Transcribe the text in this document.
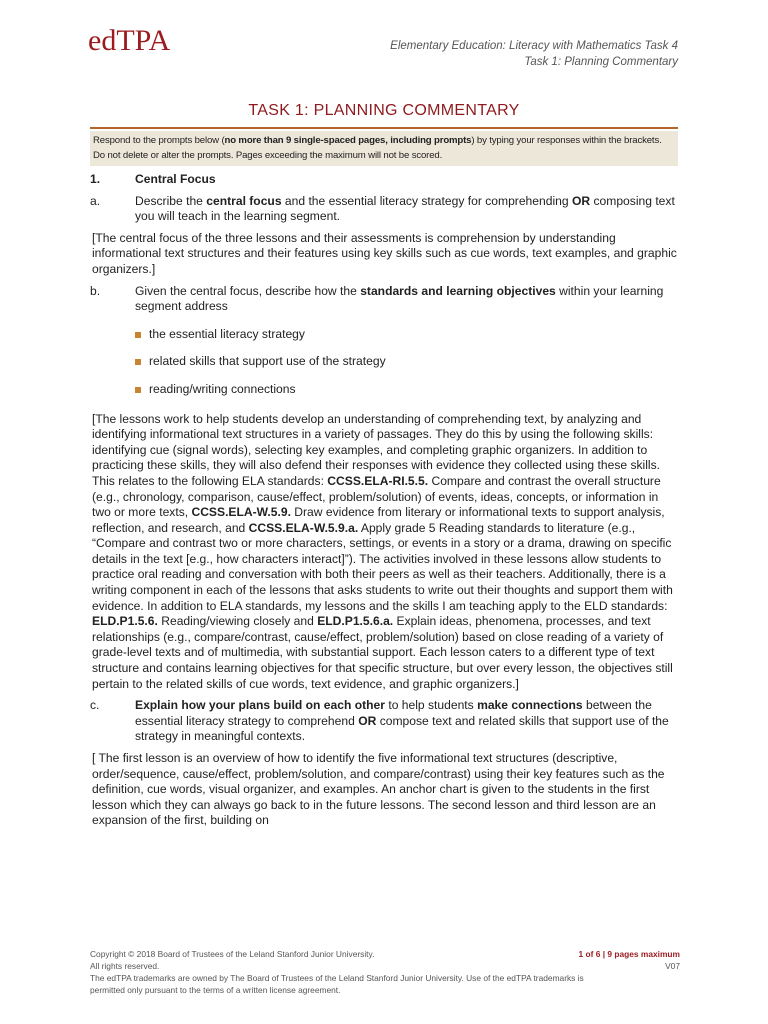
edTPA	Elementary Education: Literacy with Mathematics Task 4
Task 1: Planning Commentary
TASK 1: PLANNING COMMENTARY
Respond to the prompts below (no more than 9 single-spaced pages, including prompts) by typing your responses within the brackets. Do not delete or alter the prompts. Pages exceeding the maximum will not be scored.
1.	Central Focus
a.	Describe the central focus and the essential literacy strategy for comprehending OR composing text you will teach in the learning segment.
[The central focus of the three lessons and their assessments is comprehension by understanding informational text structures and their features using key skills such as cue words, text examples, and graphic organizers.]
b.	Given the central focus, describe how the standards and learning objectives within your learning segment address
the essential literacy strategy
related skills that support use of the strategy
reading/writing connections
[The lessons work to help students develop an understanding of comprehending text, by analyzing and identifying informational text structures in a variety of passages. They do this by using the following skills: identifying cue (signal words), selecting key examples, and completing graphic organizers. In addition to practicing these skills, they will also defend their responses with evidence they collected using these skills. This relates to the following ELA standards: CCSS.ELA-RI.5.5. Compare and contrast the overall structure (e.g., chronology, comparison, cause/effect, problem/solution) of events, ideas, concepts, or information in two or more texts, CCSS.ELA-W.5.9. Draw evidence from literary or informational texts to support analysis, reflection, and research, and CCSS.ELA-W.5.9.a. Apply grade 5 Reading standards to literature (e.g., “Compare and contrast two or more characters, settings, or events in a story or a drama, drawing on specific details in the text [e.g., how characters interact]”). The activities involved in these lessons allow students to practice oral reading and conversation with both their peers as well as their teachers. Additionally, there is a writing component in each of the lessons that asks students to write out their thoughts and support them with evidence. In addition to ELA standards, my lessons and the skills I am teaching apply to the ELD standards: ELD.P1.5.6. Reading/viewing closely and ELD.P1.5.6.a. Explain ideas, phenomena, processes, and text relationships (e.g., compare/contrast, cause/effect, problem/solution) based on close reading of a variety of grade-level texts and of multimedia, with substantial support. Each lesson caters to a different type of text structure and contains learning objectives for that specific structure, but over every lesson, the objectives still pertain to the related skills of cue words, text evidence, and graphic organizers.]
c.	Explain how your plans build on each other to help students make connections between the essential literacy strategy to comprehend OR compose text and related skills that support use of the strategy in meaningful contexts.
[ The first lesson is an overview of how to identify the five informational text structures (descriptive, order/sequence, cause/effect, problem/solution, and compare/contrast) using their key features such as the definition, cue words, visual organizer, and examples. An anchor chart is given to the students in the first lesson which they can always go back to in the future lessons. The second lesson and third lesson are an expansion of the first, building on
Copyright © 2018 Board of Trustees of the Leland Stanford Junior University.
All rights reserved.
The edTPA trademarks are owned by The Board of Trustees of the Leland Stanford Junior University. Use of the edTPA trademarks is
permitted only pursuant to the terms of a written license agreement.
1 of 6 | 9 pages maximum
V07
